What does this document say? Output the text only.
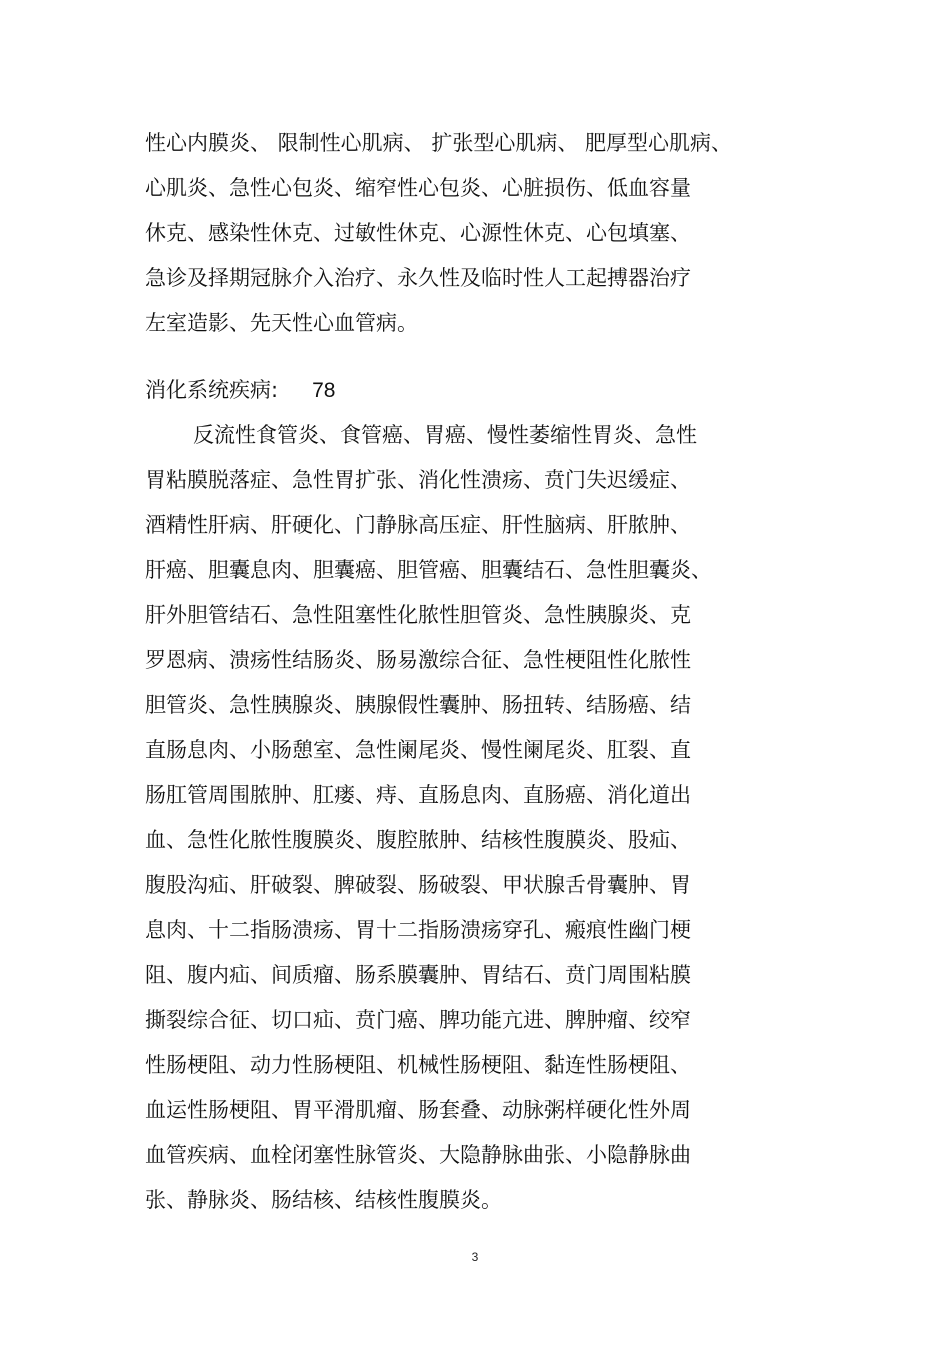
性心内膜炎、 限制性心肌病、 扩张型心肌病、 肥厚型心肌病、

心肌炎、急性心包炎、缩窄性心包炎、心脏损伤、低血容量

休克、感染性休克、过敏性休克、心源性休克、心包填塞、

急诊及择期冠脉介入治疗、永久性及临时性人工起搏器治疗

左室造影、先天性心血管病。

消化系统疾病: 78

反流性食管炎、食管癌、胃癌、慢性萎缩性胃炎、急性

胃粘膜脱落症、急性胃扩张、消化性溃疡、贲门失迟缓症、

酒精性肝病、肝硬化、门静脉高压症、肝性脑病、肝脓肿、

肝癌、胆囊息肉、胆囊癌、胆管癌、胆囊结石、急性胆囊炎、

肝外胆管结石、急性阻塞性化脓性胆管炎、急性胰腺炎、克

罗恩病、溃疡性结肠炎、肠易激综合征、急性梗阻性化脓性

胆管炎、急性胰腺炎、胰腺假性囊肿、肠扭转、结肠癌、结

直肠息肉、小肠憩室、急性阑尾炎、慢性阑尾炎、肛裂、直

肠肛管周围脓肿、肛瘘、痔、直肠息肉、直肠癌、消化道出

血、急性化脓性腹膜炎、腹腔脓肿、结核性腹膜炎、股疝、

腹股沟疝、肝破裂、脾破裂、肠破裂、甲状腺舌骨囊肿、胃

息肉、十二指肠溃疡、胃十二指肠溃疡穿孔、瘢痕性幽门梗

阻、腹内疝、间质瘤、肠系膜囊肿、胃结石、贲门周围粘膜

撕裂综合征、切口疝、贲门癌、脾功能亢进、脾肿瘤、绞窄

性肠梗阻、动力性肠梗阻、机械性肠梗阻、黏连性肠梗阻、

血运性肠梗阻、胃平滑肌瘤、肠套叠、动脉粥样硬化性外周

血管疾病、血栓闭塞性脉管炎、大隐静脉曲张、小隐静脉曲

张、静脉炎、肠结核、结核性腹膜炎。

3
